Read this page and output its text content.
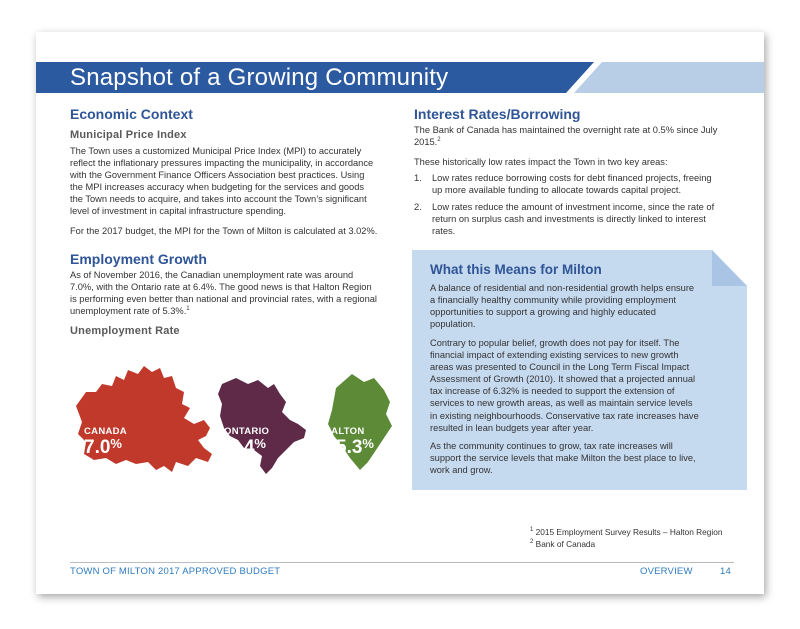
Snapshot of a Growing Community
Economic Context
Municipal Price Index
The Town uses a customized Municipal Price Index (MPI) to accurately
reflect the inflationary pressures impacting the municipality, in accordance
with the Government Finance Officers Association best practices. Using
the MPI increases accuracy when budgeting for the services and goods
the Town needs to acquire, and takes into account the Town’s significant
level of investment in capital infrastructure spending.
For the 2017 budget, the MPI for the Town of Milton is calculated at 3.02%.
Employment Growth
As of November 2016, the Canadian unemployment rate was around
7.0%, with the Ontario rate at 6.4%. The good news is that Halton Region
is performing even better than national and provincial rates, with a regional
unemployment rate of 5.3%.$^1$
Unemployment Rate
CANADA
7.0%
ONTARIO
6.4%
HALTON
5.3%
Interest Rates/Borrowing
The Bank of Canada has maintained the overnight rate at 0.5% since July
2015.$^2$
These historically low rates impact the Town in two key areas:
1. Low rates reduce borrowing costs for debt financed projects, freeing
up more available funding to allocate towards capital project.
2. Low rates reduce the amount of investment income, since the rate of
return on surplus cash and investments is directly linked to interest
rates.
What this Means for Milton
A balance of residential and non-residential growth helps ensure
a financially healthy community while providing employment
opportunities to support a growing and highly educated
population.
Contrary to popular belief, growth does not pay for itself. The
financial impact of extending existing services to new growth
areas was presented to Council in the Long Term Fiscal Impact
Assessment of Growth (2010). It showed that a projected annual
tax increase of 6.32% is needed to support the extension of
services to new growth areas, as well as maintain service levels
in existing neighbourhoods. Conservative tax rate increases have
resulted in lean budgets year after year.
As the community continues to grow, tax rate increases will
support the service levels that make Milton the best place to live,
work and grow.
$^1$ 2015 Employment Survey Results – Halton Region
$^2$ Bank of Canada
TOWN OF MILTON 2017 APPROVED BUDGET	OVERVIEW	14
